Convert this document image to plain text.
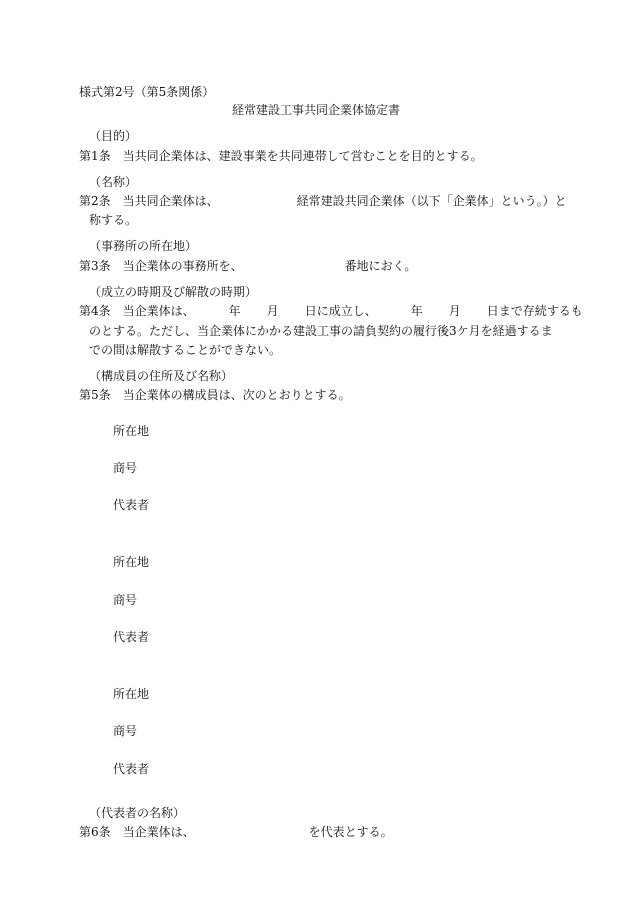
様式第2号（第5条関係）
経常建設工事共同企業体協定書
（目的）
第1条 当共同企業体は、建設事業を共同連帯して営むことを目的とする。
（名称）
第2条 当共同企業体は、	経常建設共同企業体（以下「企業体」という。）と
称する。
（事務所の所在地）
第3条 当企業体の事務所を、	番地におく。
（成立の時期及び解散の時期）
第4条 当企業体は、	年 月 日に成立し、	年 月 日まで存続するも
のとする。ただし、当企業体にかかる建設工事の請負契約の履行後3ケ月を経過するま
での間は解散することができない。
（構成員の住所及び名称）
第5条 当企業体の構成員は、次のとおりとする。
所在地
商号
代表者
所在地
商号
代表者
所在地
商号
代表者
（代表者の名称）
第6条 当企業体は、	を代表とする。
